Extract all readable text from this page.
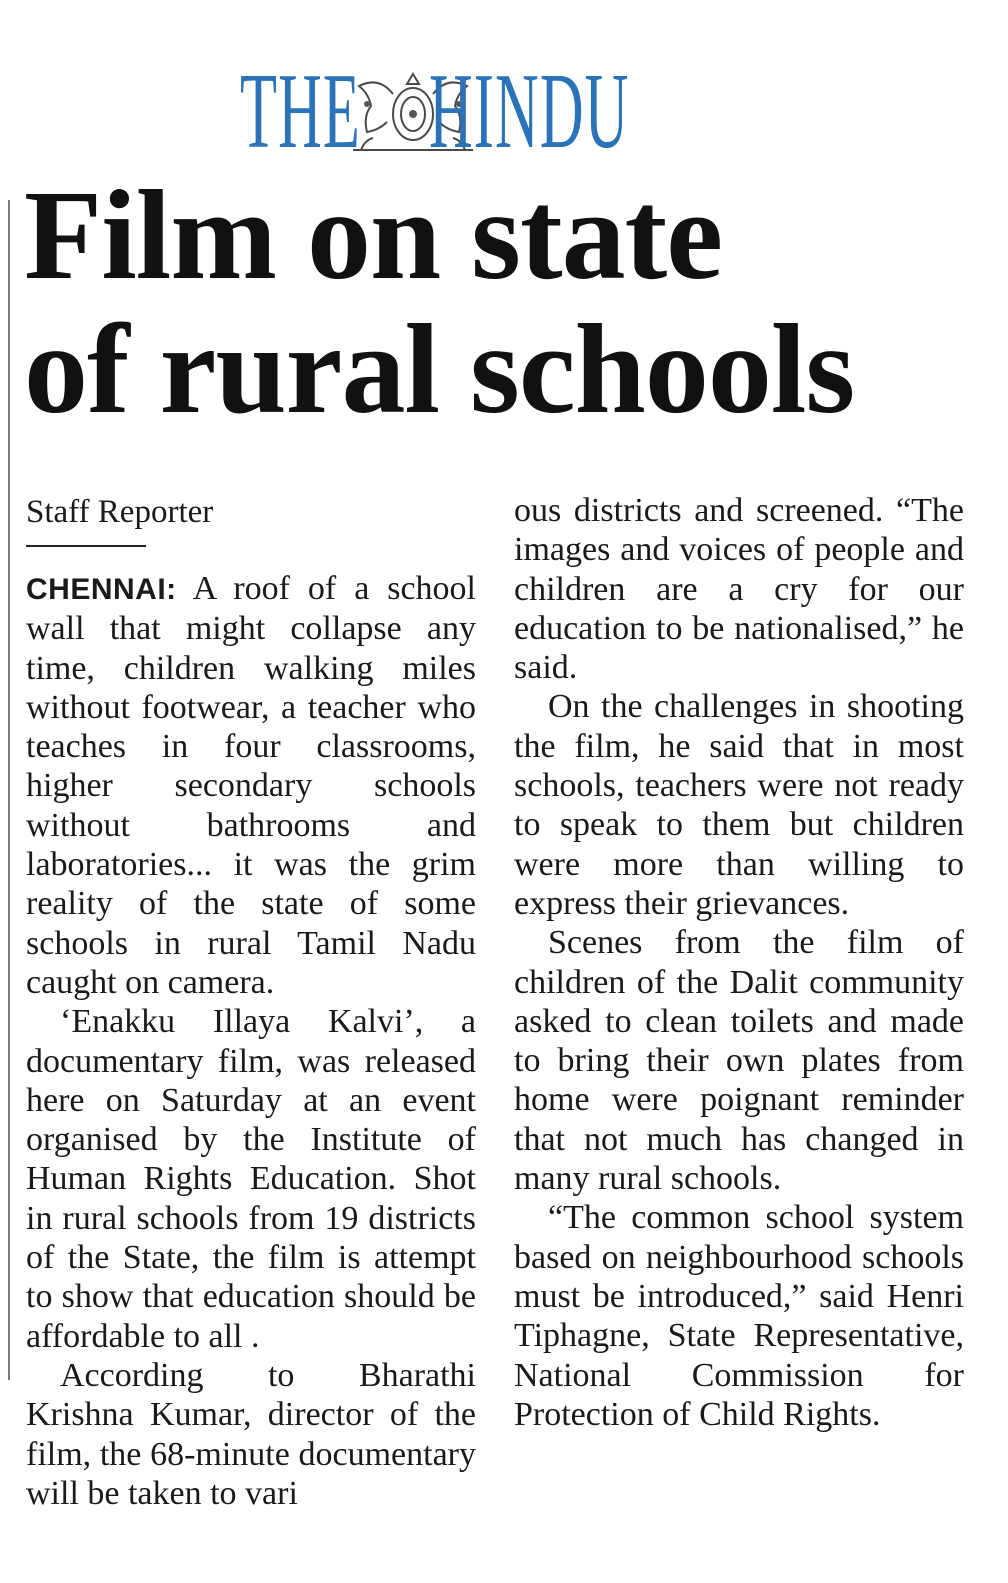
THE HINDU
Film on state
of rural schools
Staff Reporter

CHENNAI: A roof of a school wall that might collapse any time, children walking miles without footwear, a teacher who teaches in four classrooms, higher secondary schools without bathrooms and laboratories... it was the grim reality of the state of some schools in rural Tamil Nadu caught on camera.

‘Enakku Illaya Kalvi’, a documentary film, was released here on Saturday at an event organised by the Institute of Human Rights Education. Shot in rural schools from 19 districts of the State, the film is attempt to show that education should be affordable to all .

According to Bharathi Krishna Kumar, director of the film, the 68-minute documentary will be taken to vari

ous districts and screened. “The images and voices of people and children are a cry for our education to be nationalised,” he said.

On the challenges in shooting the film, he said that in most schools, teachers were not ready to speak to them but children were more than willing to express their grievances.

Scenes from the film of children of the Dalit community asked to clean toilets and made to bring their own plates from home were poignant reminder that not much has changed in many rural schools.

“The common school system based on neighbourhood schools must be introduced,” said Henri Tiphagne, State Representative, National Commission for Protection of Child Rights.
